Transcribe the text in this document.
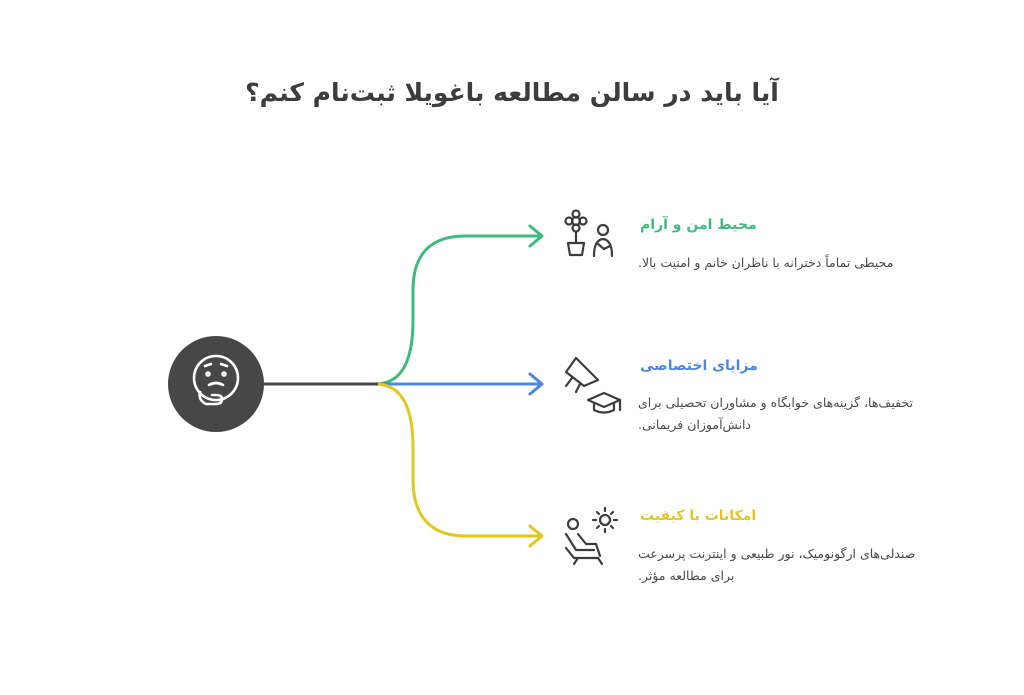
آیا باید در سالن مطالعه باغویلا ثبت‌نام کنم؟
محیط امن و آرام
محیطی تماماً دخترانه با ناظران خانم و امنیت بالا.
مزایای اختصاصی
تخفیف‌ها، گزینه‌های خوابگاه و مشاوران تحصیلی برای دانش‌آموزان فریمانی.
امکانات با کیفیت
صندلی‌های ارگونومیک، نور طبیعی و اینترنت پرسرعت برای مطالعه مؤثر.
